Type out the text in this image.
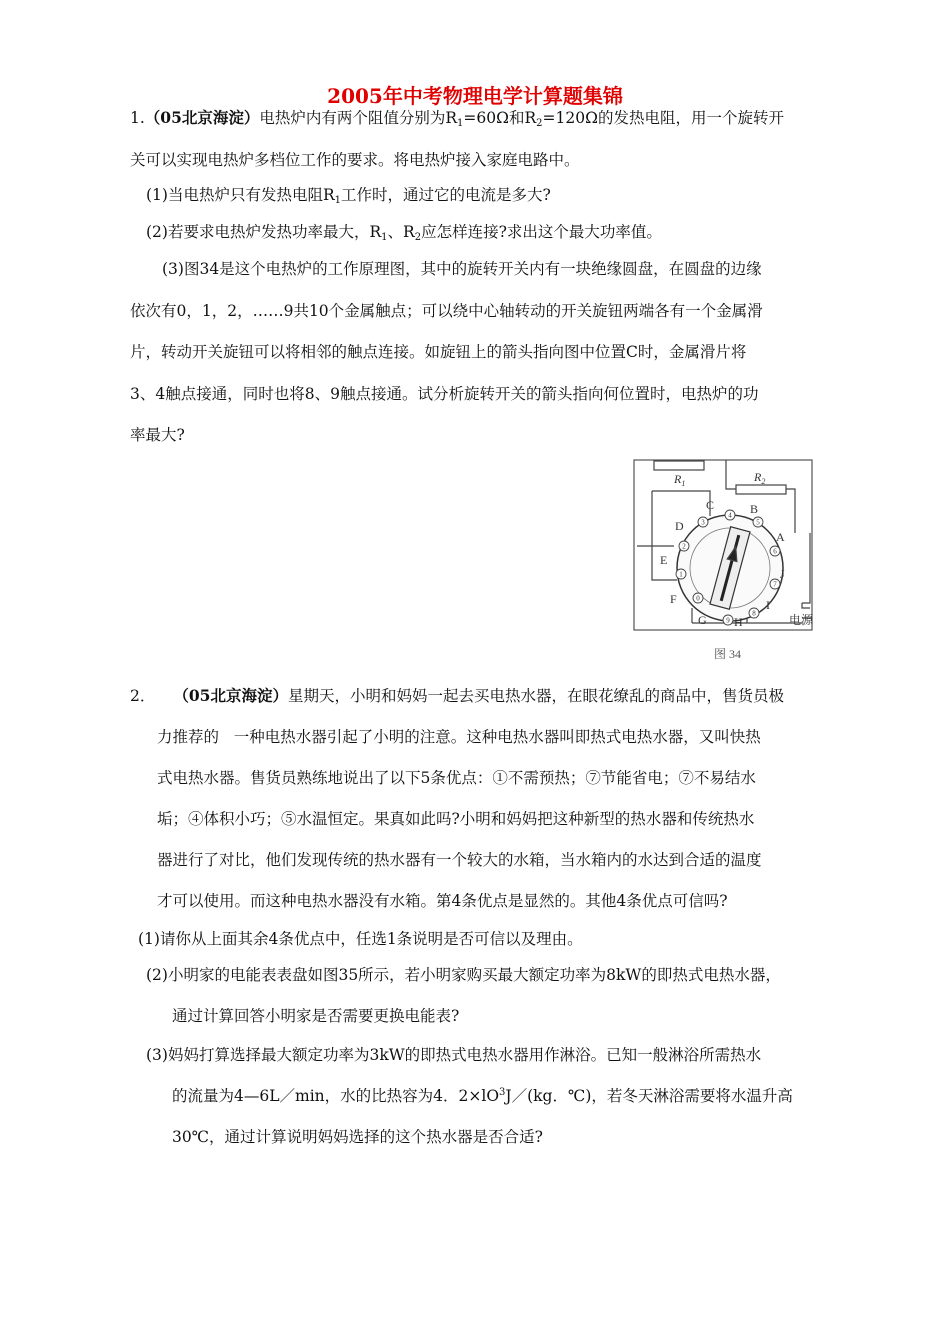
2005年中考物理电学计算题集锦
1.（05北京海淀）电热炉内有两个阻值分别为$R_1=60\Omega$和$R_2=120\Omega$的发热电阻，用一个旋转开
关可以实现电热炉多档位工作的要求。将电热炉接入家庭电路中。
(1)当电热炉只有发热电阻$R_1$工作时，通过它的电流是多大?
(2)若要求电热炉发热功率最大，$R_1$、$R_2$应怎样连接?求出这个最大功率值。
(3)图34是这个电热炉的工作原理图，其中的旋转开关内有一块绝缘圆盘，在圆盘的边缘
依次有0，1，2，……9共10个金属触点；可以绕中心轴转动的开关旋钮两端各有一个金属滑
片，转动开关旋钮可以将相邻的触点连接。如旋钮上的箭头指向图中位置C时，金属滑片将
3、4触点接通，同时也将8、9触点接通。试分析旋转开关的箭头指向何位置时，电热炉的功
率最大?
3
4
5
6
7
8
9
0
1
2
$R_1$	$R_2$
C
D
B
A
E
J
F	I
G H	电源
图 34
2． （05北京海淀）星期天，小明和妈妈一起去买电热水器，在眼花缭乱的商品中，售货员极
力推荐的   一种电热水器引起了小明的注意。这种电热水器叫即热式电热水器，又叫快热
式电热水器。售货员熟练地说出了以下5条优点：①不需预热；⑦节能省电；⑦不易结水
垢；④体积小巧；⑤水温恒定。果真如此吗?小明和妈妈把这种新型的热水器和传统热水
器进行了对比，他们发现传统的热水器有一个较大的水箱，当水箱内的水达到合适的温度
才可以使用。而这种电热水器没有水箱。第4条优点是显然的。其他4条优点可信吗?
(1)请你从上面其余4条优点中，任选1条说明是否可信以及理由。
(2)小明家的电能表表盘如图35所示，若小明家购买最大额定功率为8kW的即热式电热水器，
通过计算回答小明家是否需要更换电能表?
(3)妈妈打算选择最大额定功率为3kW的即热式电热水器用作淋浴。已知一般淋浴所需热水
的流量为4—6L／min，水的比热容为4．$2\times lO^3J/(kg$．℃)，若冬天淋浴需要将水温升高
30℃，通过计算说明妈妈选择的这个热水器是否合适?
